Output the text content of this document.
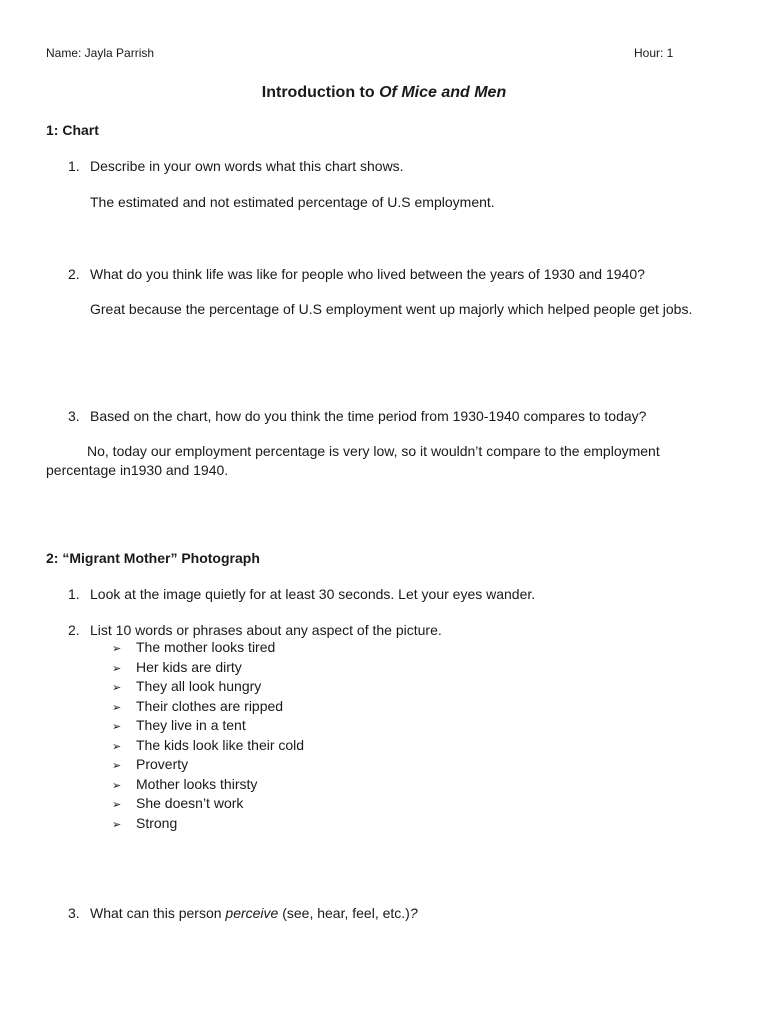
Name: Jayla Parrish	Hour: 1
Introduction to Of Mice and Men
1: Chart
1. Describe in your own words what this chart shows.
The estimated and not estimated percentage of U.S employment.
2. What do you think life was like for people who lived between the years of 1930 and 1940?
Great because the percentage of U.S employment went up majorly which helped people get jobs.
3. Based on the chart, how do you think the time period from 1930-1940 compares to today?
No, today our employment percentage is very low, so it wouldn’t compare to the employment percentage in1930 and 1940.
2: “Migrant Mother” Photograph
1. Look at the image quietly for at least 30 seconds. Let your eyes wander.
2. List 10 words or phrases about any aspect of the picture.
➢ The mother looks tired
➢ Her kids are dirty
➢ They all look hungry
➢ Their clothes are ripped
➢ They live in a tent
➢ The kids look like their cold
➢ Proverty
➢ Mother looks thirsty
➢ She doesn’t work
➢ Strong
3. What can this person perceive (see, hear, feel, etc.)?
